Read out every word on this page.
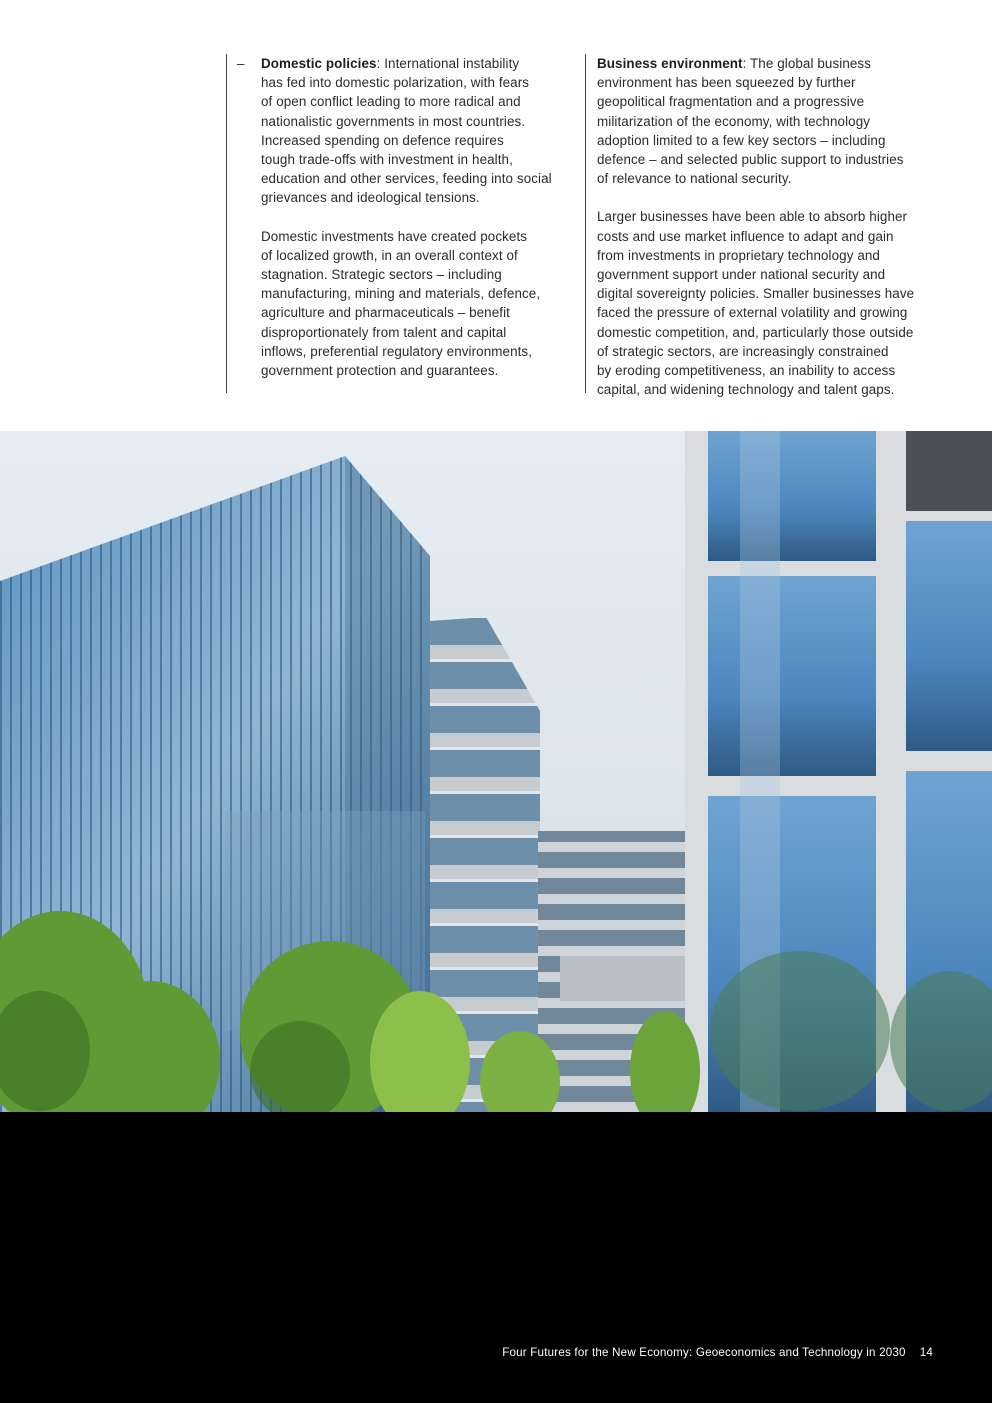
– Domestic policies: International instability
has fed into domestic polarization, with fears
of open conflict leading to more radical and
nationalistic governments in most countries.
Increased spending on defence requires
tough trade-offs with investment in health,
education and other services, feeding into social
grievances and ideological tensions.

Domestic investments have created pockets
of localized growth, in an overall context of
stagnation. Strategic sectors – including
manufacturing, mining and materials, defence,
agriculture and pharmaceuticals – benefit
disproportionately from talent and capital
inflows, preferential regulatory environments,
government protection and guarantees.

Business environment: The global business
environment has been squeezed by further
geopolitical fragmentation and a progressive
militarization of the economy, with technology
adoption limited to a few key sectors – including
defence – and selected public support to industries
of relevance to national security.

Larger businesses have been able to absorb higher
costs and use market influence to adapt and gain
from investments in proprietary technology and
government support under national security and
digital sovereignty policies. Smaller businesses have
faced the pressure of external volatility and growing
domestic competition, and, particularly those outside
of strategic sectors, are increasingly constrained
by eroding competitiveness, an inability to access
capital, and widening technology and talent gaps.

Four Futures for the New Economy: Geoeconomics and Technology in 2030 14
